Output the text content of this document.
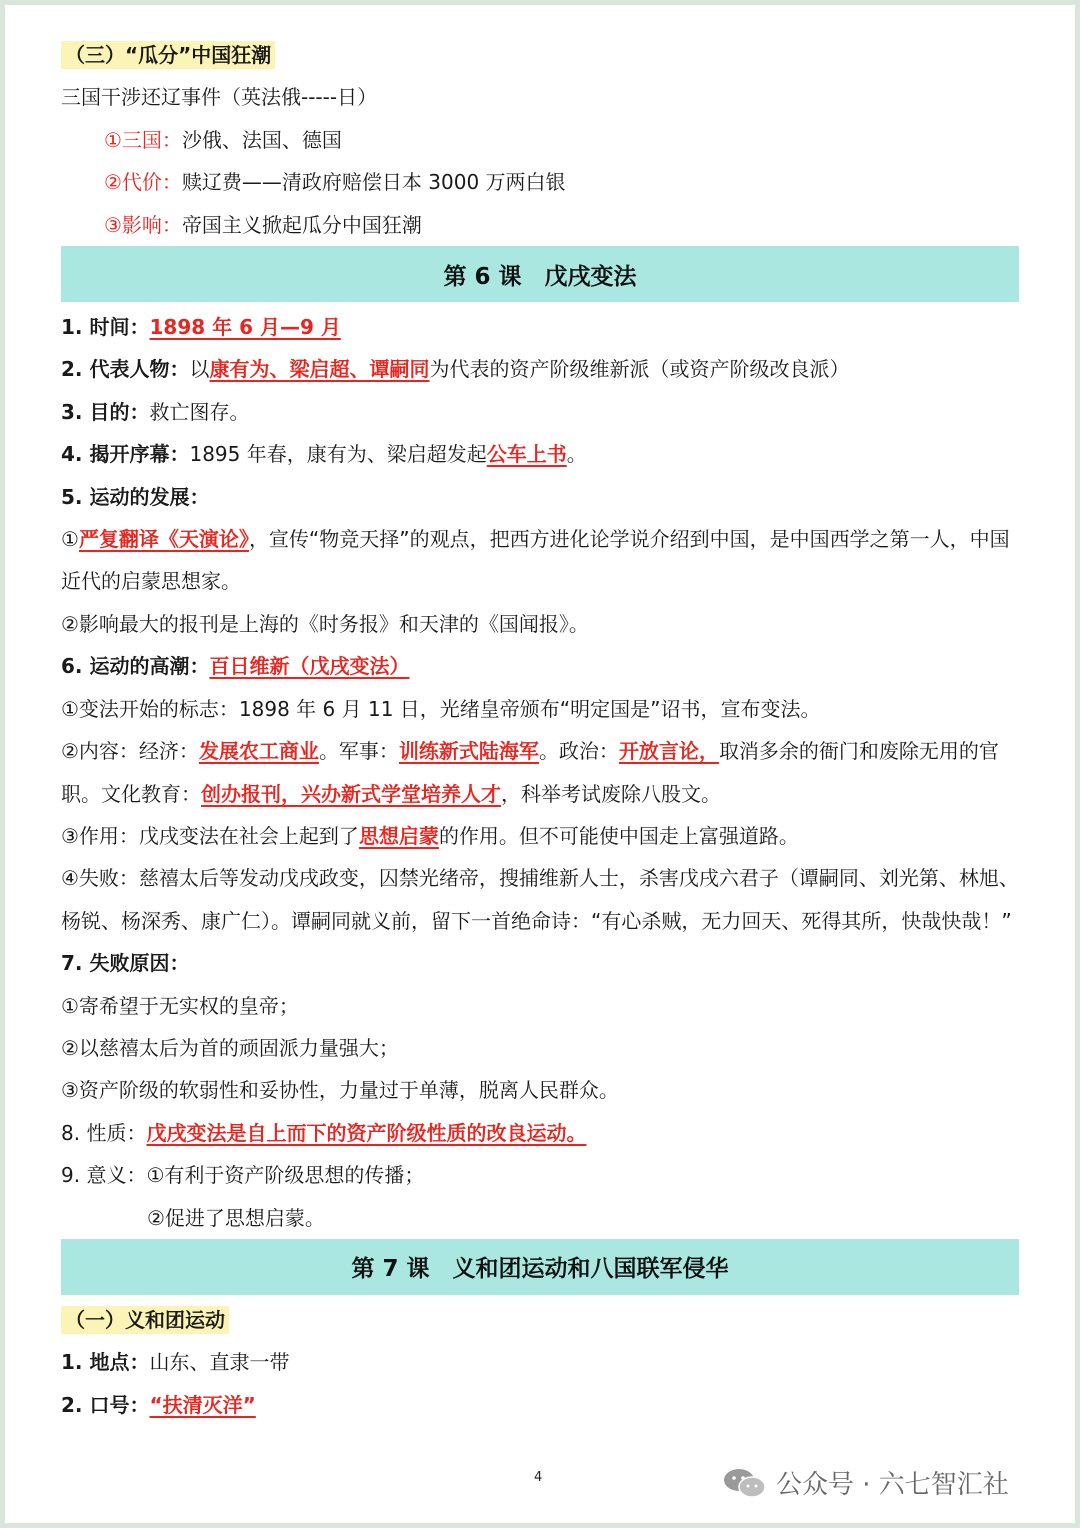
（三）“瓜分”中国狂潮
三国干涉还辽事件（英法俄-----日）
①三国：沙俄、法国、德国
②代价：赎辽费——清政府赔偿日本 3000 万两白银
③影响：帝国主义掀起瓜分中国狂潮
第 6 课　戊戌变法
1. 时间：1898 年 6 月—9 月
2. 代表人物：以康有为、梁启超、谭嗣同为代表的资产阶级维新派（或资产阶级改良派）
3. 目的：救亡图存。
4. 揭开序幕：1895 年春，康有为、梁启超发起公车上书。
5. 运动的发展：
①严复翻译《天演论》，宣传“物竞天择”的观点，把西方进化论学说介绍到中国，是中国西学之第一人，中国近代的启蒙思想家。
②影响最大的报刊是上海的《时务报》和天津的《国闻报》。
6. 运动的高潮：百日维新（戊戌变法）
①变法开始的标志：1898 年 6 月 11 日，光绪皇帝颁布“明定国是”诏书，宣布变法。
②内容：经济：发展农工商业。军事：训练新式陆海军。政治：开放言论，取消多余的衙门和废除无用的官职。文化教育：创办报刊，兴办新式学堂培养人才，科举考试废除八股文。
③作用：戊戌变法在社会上起到了思想启蒙的作用。但不可能使中国走上富强道路。
④失败：慈禧太后等发动戊戌政变，囚禁光绪帝，搜捕维新人士，杀害戊戌六君子（谭嗣同、刘光第、林旭、杨锐、杨深秀、康广仁）。谭嗣同就义前，留下一首绝命诗：“有心杀贼，无力回天、死得其所，快哉快哉！”
7. 失败原因：
①寄希望于无实权的皇帝；
②以慈禧太后为首的顽固派力量强大；
③资产阶级的软弱性和妥协性，力量过于单薄，脱离人民群众。
8. 性质：戊戌变法是自上而下的资产阶级性质的改良运动。
9. 意义：①有利于资产阶级思想的传播；
②促进了思想启蒙。
第 7 课　义和团运动和八国联军侵华
（一）义和团运动
1. 地点：山东、直隶一带
2. 口号：“扶清灭洋”
4	公众号 · 六七智汇社
